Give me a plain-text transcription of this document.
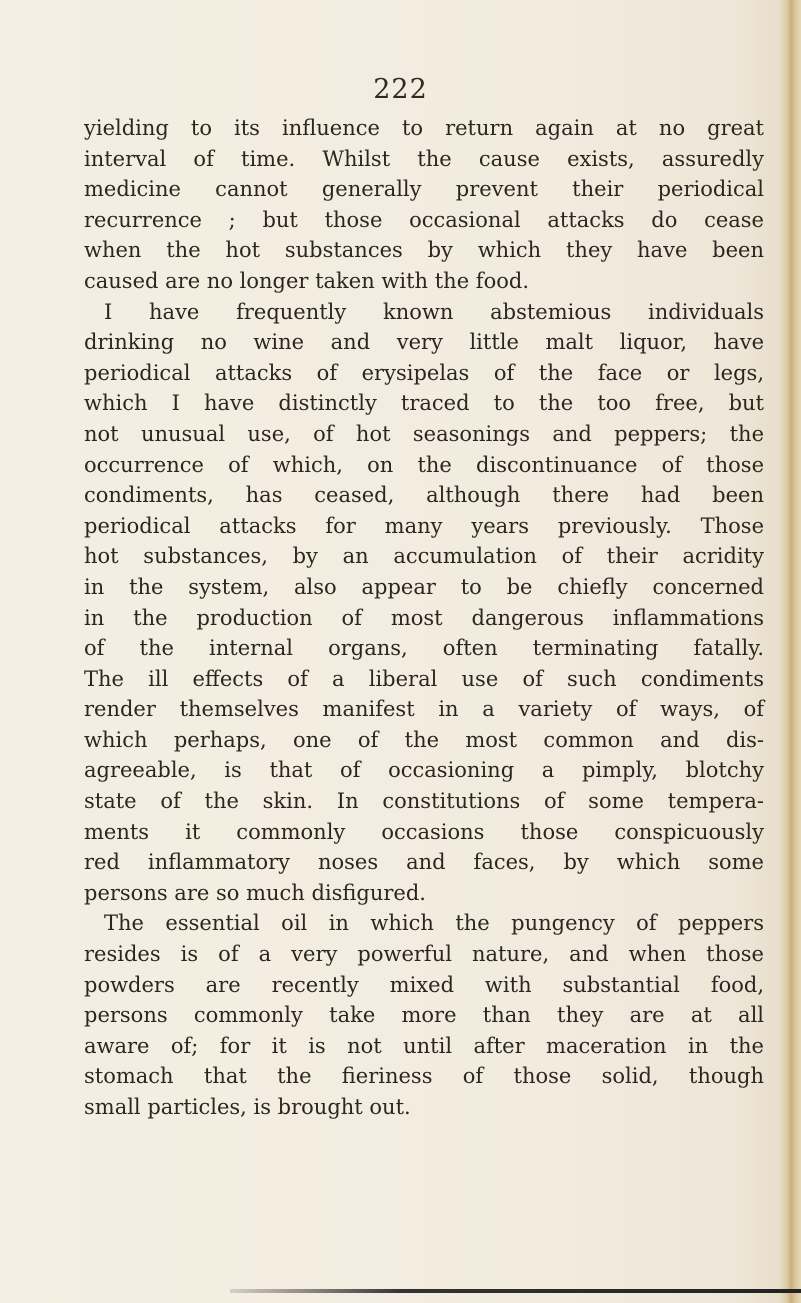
222
yielding to its influence to return again at no great
interval of time. Whilst the cause exists, assuredly
medicine cannot generally prevent their periodical
recurrence ; but those occasional attacks do cease
when the hot substances by which they have been
caused are no longer taken with the food.
I have frequently known abstemious individuals
drinking no wine and very little malt liquor, have
periodical attacks of erysipelas of the face or legs,
which I have distinctly traced to the too free, but
not unusual use, of hot seasonings and peppers; the
occurrence of which, on the discontinuance of those
condiments, has ceased, although there had been
periodical attacks for many years previously. Those
hot substances, by an accumulation of their acridity
in the system, also appear to be chiefly concerned
in the production of most dangerous inflammations
of the internal organs, often terminating fatally.
The ill effects of a liberal use of such condiments
render themselves manifest in a variety of ways, of
which perhaps, one of the most common and dis-
agreeable, is that of occasioning a pimply, blotchy
state of the skin. In constitutions of some tempera-
ments it commonly occasions those conspicuously
red inflammatory noses and faces, by which some
persons are so much disfigured.
The essential oil in which the pungency of peppers
resides is of a very powerful nature, and when those
powders are recently mixed with substantial food,
persons commonly take more than they are at all
aware of; for it is not until after maceration in the
stomach that the fieriness of those solid, though
small particles, is brought out.
